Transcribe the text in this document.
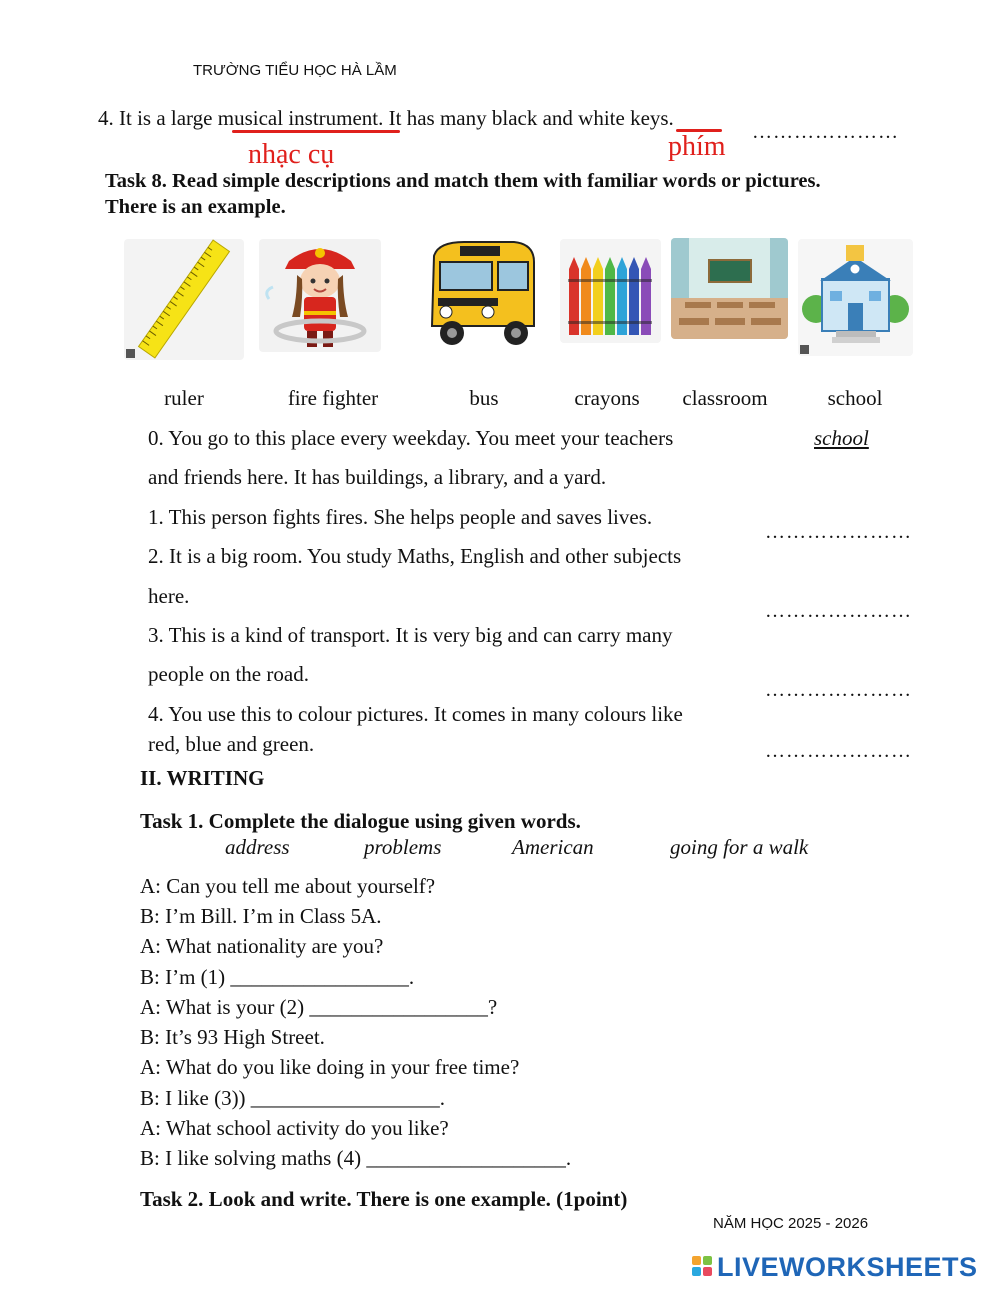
TRƯỜNG TIỂU HỌC HÀ LẦM
4. It is a large musical instrument. It has many black and white keys.
nhạc cụ	phím …………………
Task 8. Read simple descriptions and match them with familiar words or pictures.
There is an example.
ruler	fire fighter	bus	crayons	classroom	school
0. You go to this place every weekday. You meet your teachers	school
and friends here. It has buildings, a library, and a yard.
1. This person fights fires. She helps people and saves lives.
…………………
2. It is a big room. You study Maths, English and other subjects
here.
…………………
3. This is a kind of transport. It is very big and can carry many
people on the road.
…………………
4. You use this to colour pictures. It comes in many colours like
red, blue and green.	…………………
II. WRITING
Task 1. Complete the dialogue using given words.
address	problems	American	going for a walk
A: Can you tell me about yourself?
B: I’m Bill. I’m in Class 5A.
A: What nationality are you?
B: I’m (1) _________________.
A: What is your (2) _________________?
B: It’s 93 High Street.
A: What do you like doing in your free time?
B: I like (3)) __________________.
A: What school activity do you like?
B: I like solving maths (4) ___________________.
Task 2. Look and write. There is one example. (1point)
NĂM HỌC 2025 - 2026
LIVEWORKSHEETS
